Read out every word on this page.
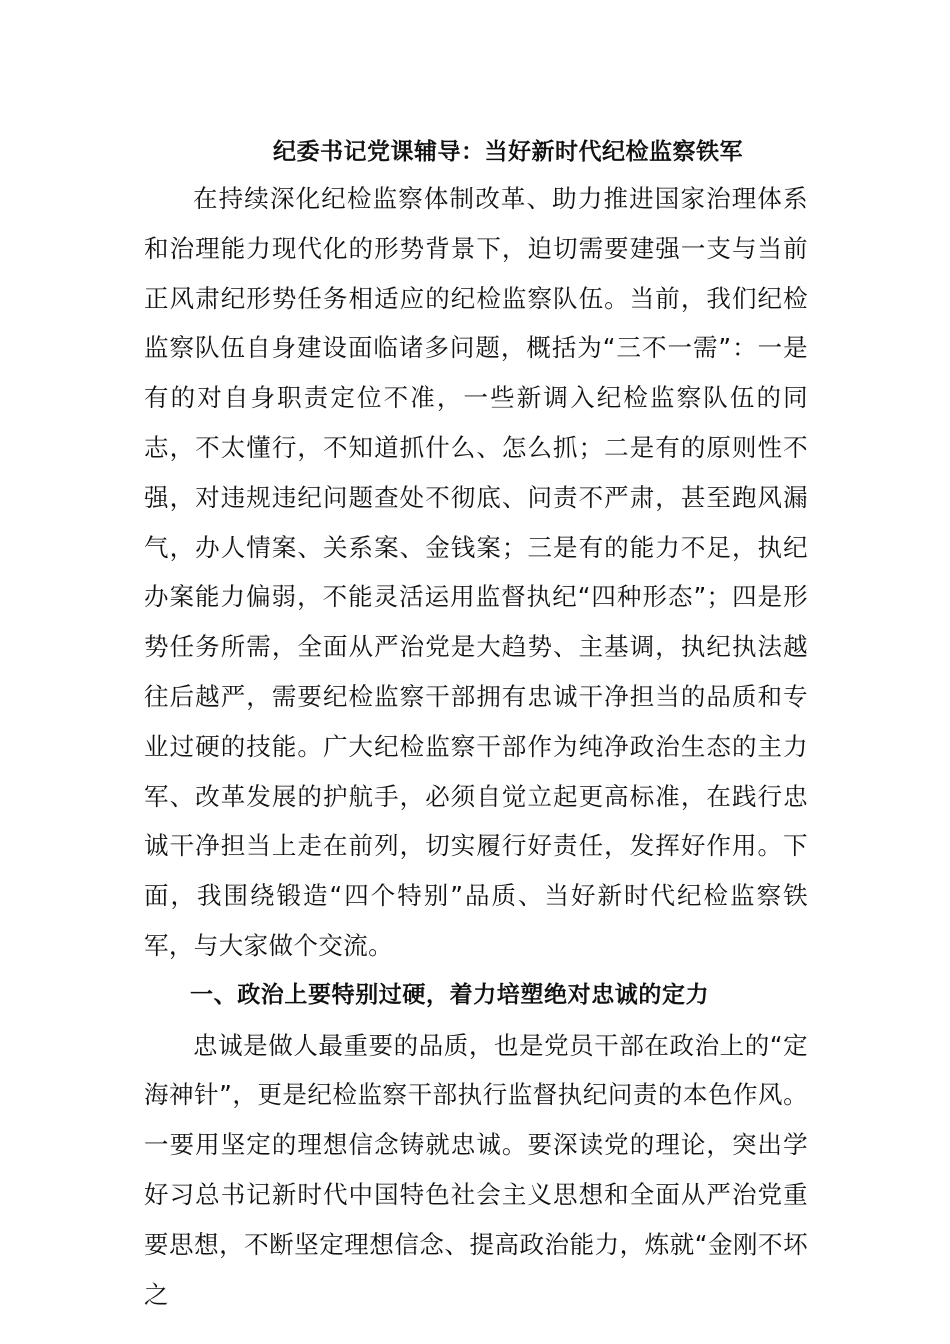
纪委书记党课辅导：当好新时代纪检监察铁军

在持续深化纪检监察体制改革、助力推进国家治理体系和治理能力现代化的形势背景下，迫切需要建强一支与当前正风肃纪形势任务相适应的纪检监察队伍。当前，我们纪检监察队伍自身建设面临诸多问题，概括为“三不一需”：一是有的对自身职责定位不准，一些新调入纪检监察队伍的同志，不太懂行，不知道抓什么、怎么抓；二是有的原则性不强，对违规违纪问题查处不彻底、问责不严肃，甚至跑风漏气，办人情案、关系案、金钱案；三是有的能力不足，执纪办案能力偏弱，不能灵活运用监督执纪“四种形态”；四是形势任务所需，全面从严治党是大趋势、主基调，执纪执法越往后越严，需要纪检监察干部拥有忠诚干净担当的品质和专业过硬的技能。广大纪检监察干部作为纯净政治生态的主力军、改革发展的护航手，必须自觉立起更高标准，在践行忠诚干净担当上走在前列，切实履行好责任，发挥好作用。下面，我围绕锻造“四个特别”品质、当好新时代纪检监察铁军，与大家做个交流。

一、政治上要特别过硬，着力培塑绝对忠诚的定力

忠诚是做人最重要的品质，也是党员干部在政治上的“定海神针”，更是纪检监察干部执行监督执纪问责的本色作风。一要用坚定的理想信念铸就忠诚。要深读党的理论，突出学好习总书记新时代中国特色社会主义思想和全面从严治党重要思想，不断坚定理想信念、提高政治能力，炼就“金刚不坏之
